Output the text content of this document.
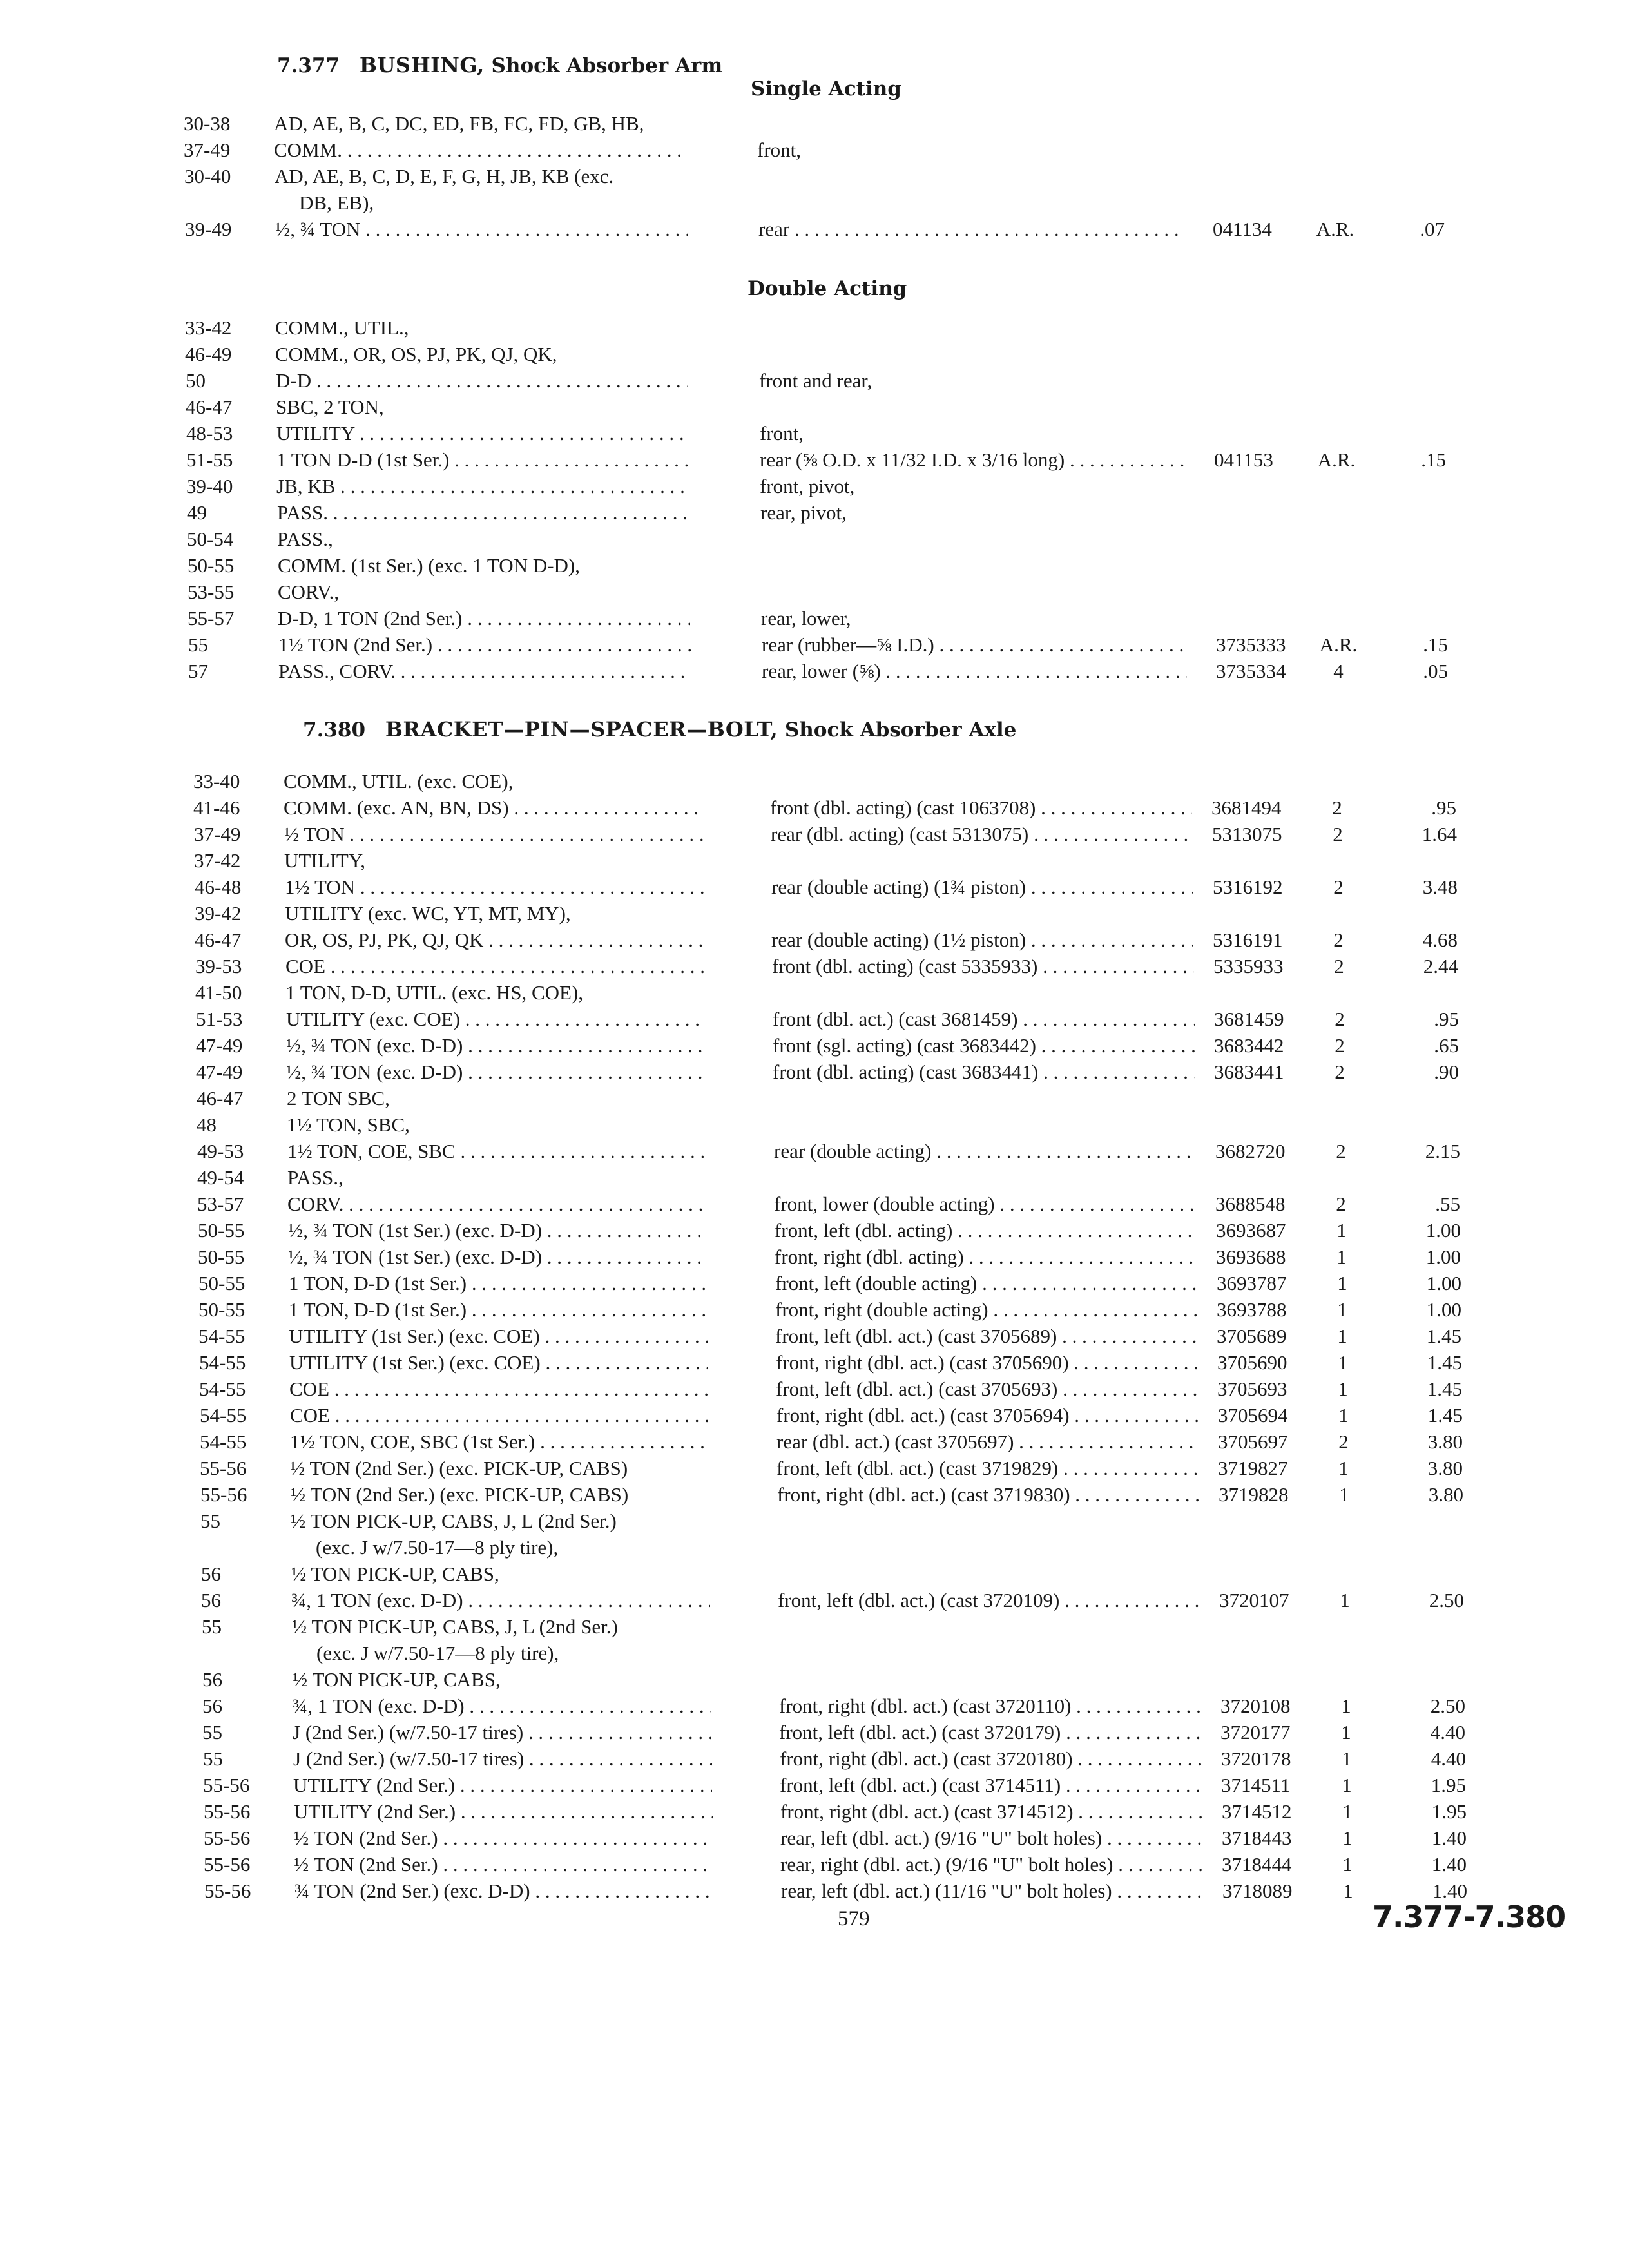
7.377 BUSHING, Shock Absorber Arm
Single Acting
Double Acting
30-38	AD, AE, B, C, DC, ED, FB, FC, FD, GB, HB,
37-49	COMM. . . .	front,
30-40	AD, AE, B, C, D, E, F, G, H, JB, KB (exc.
DB, EB),
39-49	½, ¾ TON . . .	rear . . .	041134	A.R.	.07
33-42	COMM., UTIL.,
46-49	COMM., OR, OS, PJ, PK, QJ, QK,
50	D-D . . .	front and rear,
46-47	SBC, 2 TON,
48-53	UTILITY . . .	front,
51-55	1 TON D-D (1st Ser.) . . .	rear (⅝ O.D. x 11/32 I.D. x 3/16 long) . . .	041153	A.R.	.15
39-40	JB, KB . . .	front, pivot,
49	PASS. . . .	rear, pivot,
50-54	PASS.,
50-55	COMM. (1st Ser.) (exc. 1 TON D-D),
53-55	CORV.,
55-57	D-D, 1 TON (2nd Ser.) . . .	rear, lower,
55	1½ TON (2nd Ser.) . . .	rear (rubber—⅝ I.D.) . . .	3735333	A.R.	.15
57	PASS., CORV. . . .	rear, lower (⅝) . . .	3735334	4	.05
7.380 BRACKET—PIN—SPACER—BOLT, Shock Absorber Axle
33-40	COMM., UTIL. (exc. COE),
41-46	COMM. (exc. AN, BN, DS) . . .	front (dbl. acting) (cast 1063708) . . .	3681494	2	.95
37-49	½ TON . . .	rear (dbl. acting) (cast 5313075) . . .	5313075	2	1.64
37-42	UTILITY,
46-48	1½ TON . . .	rear (double acting) (1¾ piston) . . .	5316192	2	3.48
39-42	UTILITY (exc. WC, YT, MT, MY),
46-47	OR, OS, PJ, PK, QJ, QK . . .	rear (double acting) (1½ piston) . . .	5316191	2	4.68
39-53	COE . . .	front (dbl. acting) (cast 5335933) . . .	5335933	2	2.44
41-50	1 TON, D-D, UTIL. (exc. HS, COE),
51-53	UTILITY (exc. COE) . . .	front (dbl. act.) (cast 3681459) . . .	3681459	2	.95
47-49	½, ¾ TON (exc. D-D) . . .	front (sgl. acting) (cast 3683442) . . .	3683442	2	.65
47-49	½, ¾ TON (exc. D-D) . . .	front (dbl. acting) (cast 3683441) . . .	3683441	2	.90
46-47	2 TON SBC,
48	1½ TON, SBC,
49-53	1½ TON, COE, SBC . . .	rear (double acting) . . .	3682720	2	2.15
49-54	PASS.,
53-57	CORV. . . .	front, lower (double acting) . . .	3688548	2	.55
50-55	½, ¾ TON (1st Ser.) (exc. D-D) . . .	front, left (dbl. acting) . . .	3693687	1	1.00
50-55	½, ¾ TON (1st Ser.) (exc. D-D) . . .	front, right (dbl. acting) . . .	3693688	1	1.00
50-55	1 TON, D-D (1st Ser.) . . .	front, left (double acting) . . .	3693787	1	1.00
50-55	1 TON, D-D (1st Ser.) . . .	front, right (double acting) . . .	3693788	1	1.00
54-55	UTILITY (1st Ser.) (exc. COE) . . .	front, left (dbl. act.) (cast 3705689) . . .	3705689	1	1.45
54-55	UTILITY (1st Ser.) (exc. COE) . . .	front, right (dbl. act.) (cast 3705690) . . .	3705690	1	1.45
54-55	COE . . .	front, left (dbl. act.) (cast 3705693) . . .	3705693	1	1.45
54-55	COE . . .	front, right (dbl. act.) (cast 3705694) . . .	3705694	1	1.45
54-55	1½ TON, COE, SBC (1st Ser.) . . .	rear (dbl. act.) (cast 3705697) . . .	3705697	2	3.80
55-56	½ TON (2nd Ser.) (exc. PICK-UP, CABS)	front, left (dbl. act.) (cast 3719829) . . .	3719827	1	3.80
55-56	½ TON (2nd Ser.) (exc. PICK-UP, CABS)	front, right (dbl. act.) (cast 3719830) . . .	3719828	1	3.80
55	½ TON PICK-UP, CABS, J, L (2nd Ser.)
(exc. J w/7.50-17—8 ply tire),
56	½ TON PICK-UP, CABS,
56	¾, 1 TON (exc. D-D) . . .	front, left (dbl. act.) (cast 3720109) . . .	3720107	1	2.50
55	½ TON PICK-UP, CABS, J, L (2nd Ser.)
(exc. J w/7.50-17—8 ply tire),
56	½ TON PICK-UP, CABS,
56	¾, 1 TON (exc. D-D) . . .	front, right (dbl. act.) (cast 3720110) . . .	3720108	1	2.50
55	J (2nd Ser.) (w/7.50-17 tires) . . .	front, left (dbl. act.) (cast 3720179) . . .	3720177	1	4.40
55	J (2nd Ser.) (w/7.50-17 tires) . . .	front, right (dbl. act.) (cast 3720180) . . .	3720178	1	4.40
55-56	UTILITY (2nd Ser.) . . .	front, left (dbl. act.) (cast 3714511) . . .	3714511	1	1.95
55-56	UTILITY (2nd Ser.) . . .	front, right (dbl. act.) (cast 3714512) . . .	3714512	1	1.95
55-56	½ TON (2nd Ser.) . . .	rear, left (dbl. act.) (9/16 "U" bolt holes) . . .	3718443	1	1.40
55-56	½ TON (2nd Ser.) . . .	rear, right (dbl. act.) (9/16 "U" bolt holes) . . .	3718444	1	1.40
55-56	¾ TON (2nd Ser.) (exc. D-D) . . .	rear, left (dbl. act.) (11/16 "U" bolt holes) . . .	3718089	1	1.40
579	7.377-7.380
